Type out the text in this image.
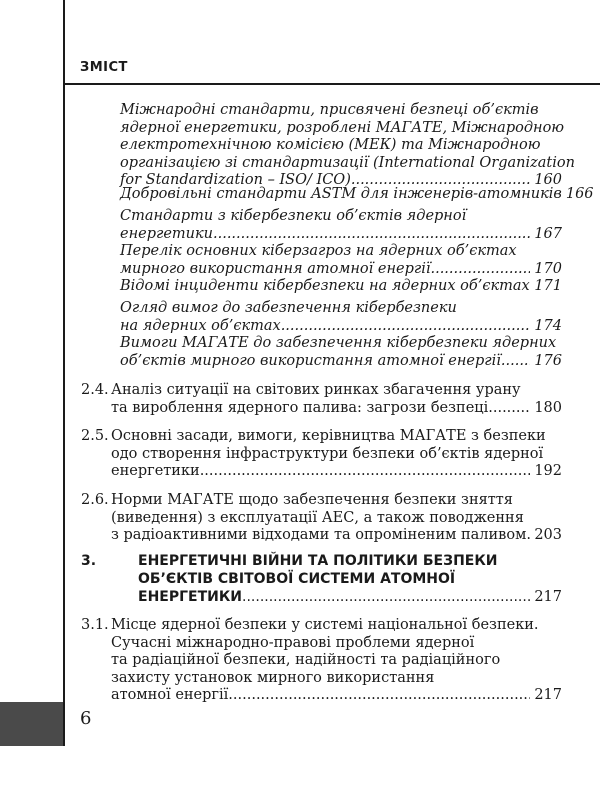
ЗМІСТ
Міжнародні стандарти, присвячені безпеці об’єктів
ядерної енергетики, розроблені МАГАТЕ, Міжнародною
електротехнічною комісією (МЕК) та Міжнародною
організацією зі стандартизації (International Organization
for Standardization – ISO/ ICO). .....	160
Добровільні стандарти ASTM для інженерів-атомників 166
Стандарти з кібербезпеки об’єктів ядерної
енергетики .....	167
Перелік основних кіберзагроз на ядерних об’єктах
мирного використання атомної енергії .....	170
Відомі інциденти кібербезпеки на ядерних об’єктах ..... 171
Огляд вимог до забезпечення кібербезпеки
на ядерних об’єктах .....	174
Вимоги МАГАТЕ до забезпечення кібербезпеки ядерних
об’єктів мирного використання атомної енергії ..... 176
2.4. Аналіз ситуації на світових ринках збагачення урану
та вироблення ядерного палива: загрози безпеці .....	180
2.5. Основні засади, вимоги, керівництва МАГАТЕ з безпеки
одо створення інфраструктури безпеки об’єктів ядерної
енергетики .....	192
2.6. Норми МАГАТЕ щодо забезпечення безпеки зняття
(виведення) з експлуатації АЕС, а також поводження
з радіоактивними відходами та опроміненим паливом ..... 203
3.	ЕНЕРГЕТИЧНІ ВІЙНИ ТА ПОЛІТИКИ БЕЗПЕКИ
ОБ’ЄКТІВ СВІТОВОЇ СИСТЕМИ АТОМНОЇ
ЕНЕРГЕТИКИ .....	217
3.1. Місце ядерної безпеки у системі національної безпеки.
Сучасні міжнародно-правові проблеми ядерної
та радіаційної безпеки, надійності та радіаційного
захисту установок мирного використання
атомної енергії .....	217
6
